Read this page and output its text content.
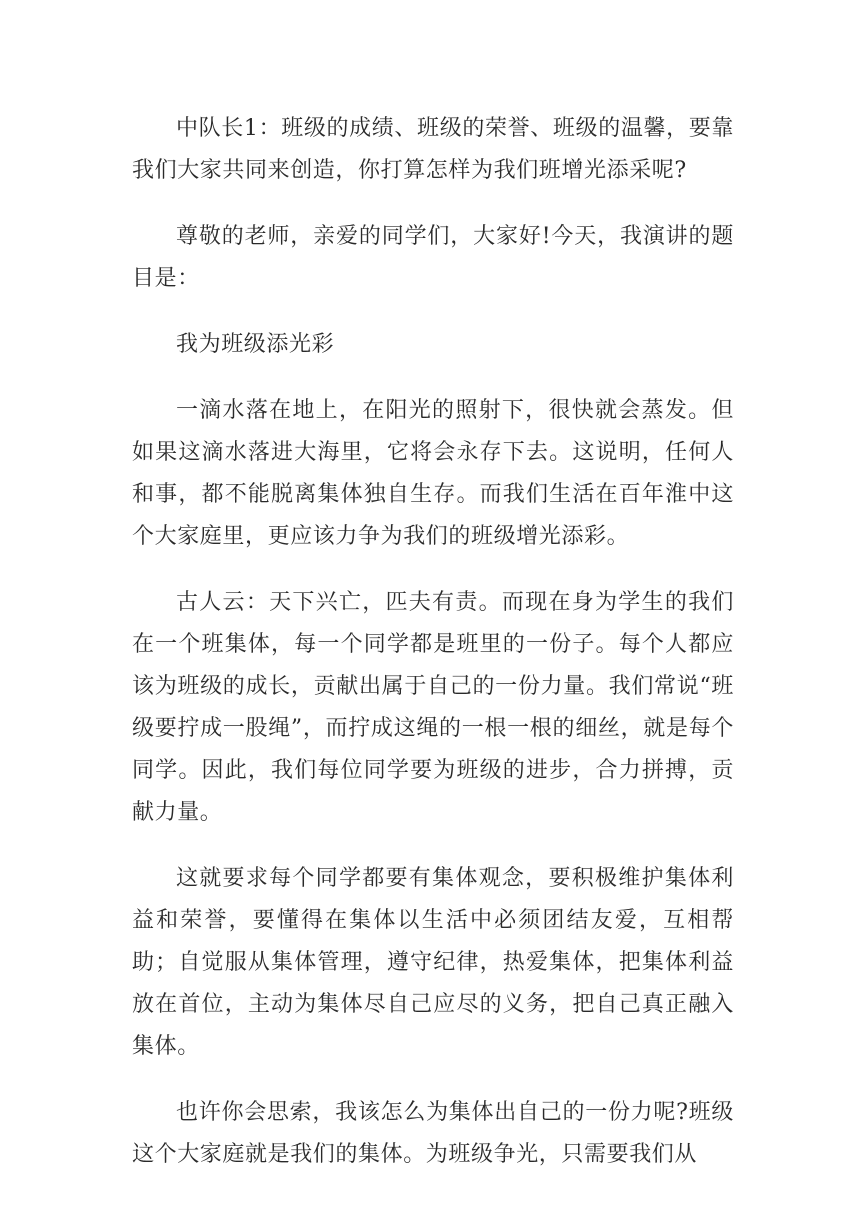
中队长1：班级的成绩、班级的荣誉、班级的温馨，要靠我们大家共同来创造，你打算怎样为我们班增光添采呢?

尊敬的老师，亲爱的同学们，大家好!今天，我演讲的题目是：

我为班级添光彩

一滴水落在地上，在阳光的照射下，很快就会蒸发。但如果这滴水落进大海里，它将会永存下去。这说明，任何人和事，都不能脱离集体独自生存。而我们生活在百年淮中这个大家庭里，更应该力争为我们的班级增光添彩。

古人云：天下兴亡，匹夫有责。而现在身为学生的我们在一个班集体，每一个同学都是班里的一份子。每个人都应该为班级的成长，贡献出属于自己的一份力量。我们常说“班级要拧成一股绳”，而拧成这绳的一根一根的细丝，就是每个同学。因此，我们每位同学要为班级的进步，合力拼搏，贡献力量。

这就要求每个同学都要有集体观念，要积极维护集体利益和荣誉，要懂得在集体以生活中必须团结友爱，互相帮助；自觉服从集体管理，遵守纪律，热爱集体，把集体利益放在首位，主动为集体尽自己应尽的义务，把自己真正融入集体。

也许你会思索，我该怎么为集体出自己的一份力呢?班级这个大家庭就是我们的集体。为班级争光，只需要我们从
